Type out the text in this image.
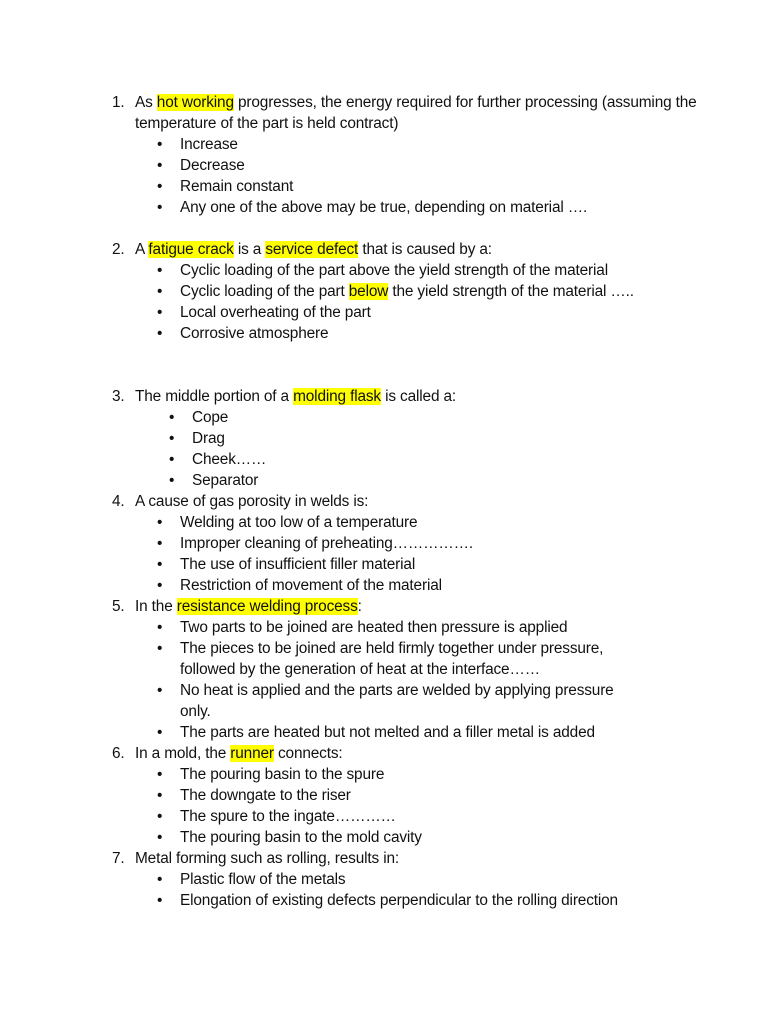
1. As hot working progresses, the energy required for further processing (assuming the temperature of the part is held contract)
• Increase
• Decrease
• Remain constant
• Any one of the above may be true, depending on material ….
2. A fatigue crack is a service defect that is caused by a:
• Cyclic loading of the part above the yield strength of the material
• Cyclic loading of the part below the yield strength of the material …..
• Local overheating of the part
• Corrosive atmosphere
3. The middle portion of a molding flask is called a:
• Cope
• Drag
• Cheek……
• Separator
4. A cause of gas porosity in welds is:
• Welding at too low of a temperature
• Improper cleaning of preheating…………….
• The use of insufficient filler material
• Restriction of movement of the material
5. In the resistance welding process:
• Two parts to be joined are heated then pressure is applied
• The pieces to be joined are held firmly together under pressure, followed by the generation of heat at the interface……
• No heat is applied and the parts are welded by applying pressure only.
• The parts are heated but not melted and a filler metal is added
6. In a mold, the runner connects:
• The pouring basin to the spure
• The downgate to the riser
• The spure to the ingate…………
• The pouring basin to the mold cavity
7. Metal forming such as rolling, results in:
• Plastic flow of the metals
• Elongation of existing defects perpendicular to the rolling direction
